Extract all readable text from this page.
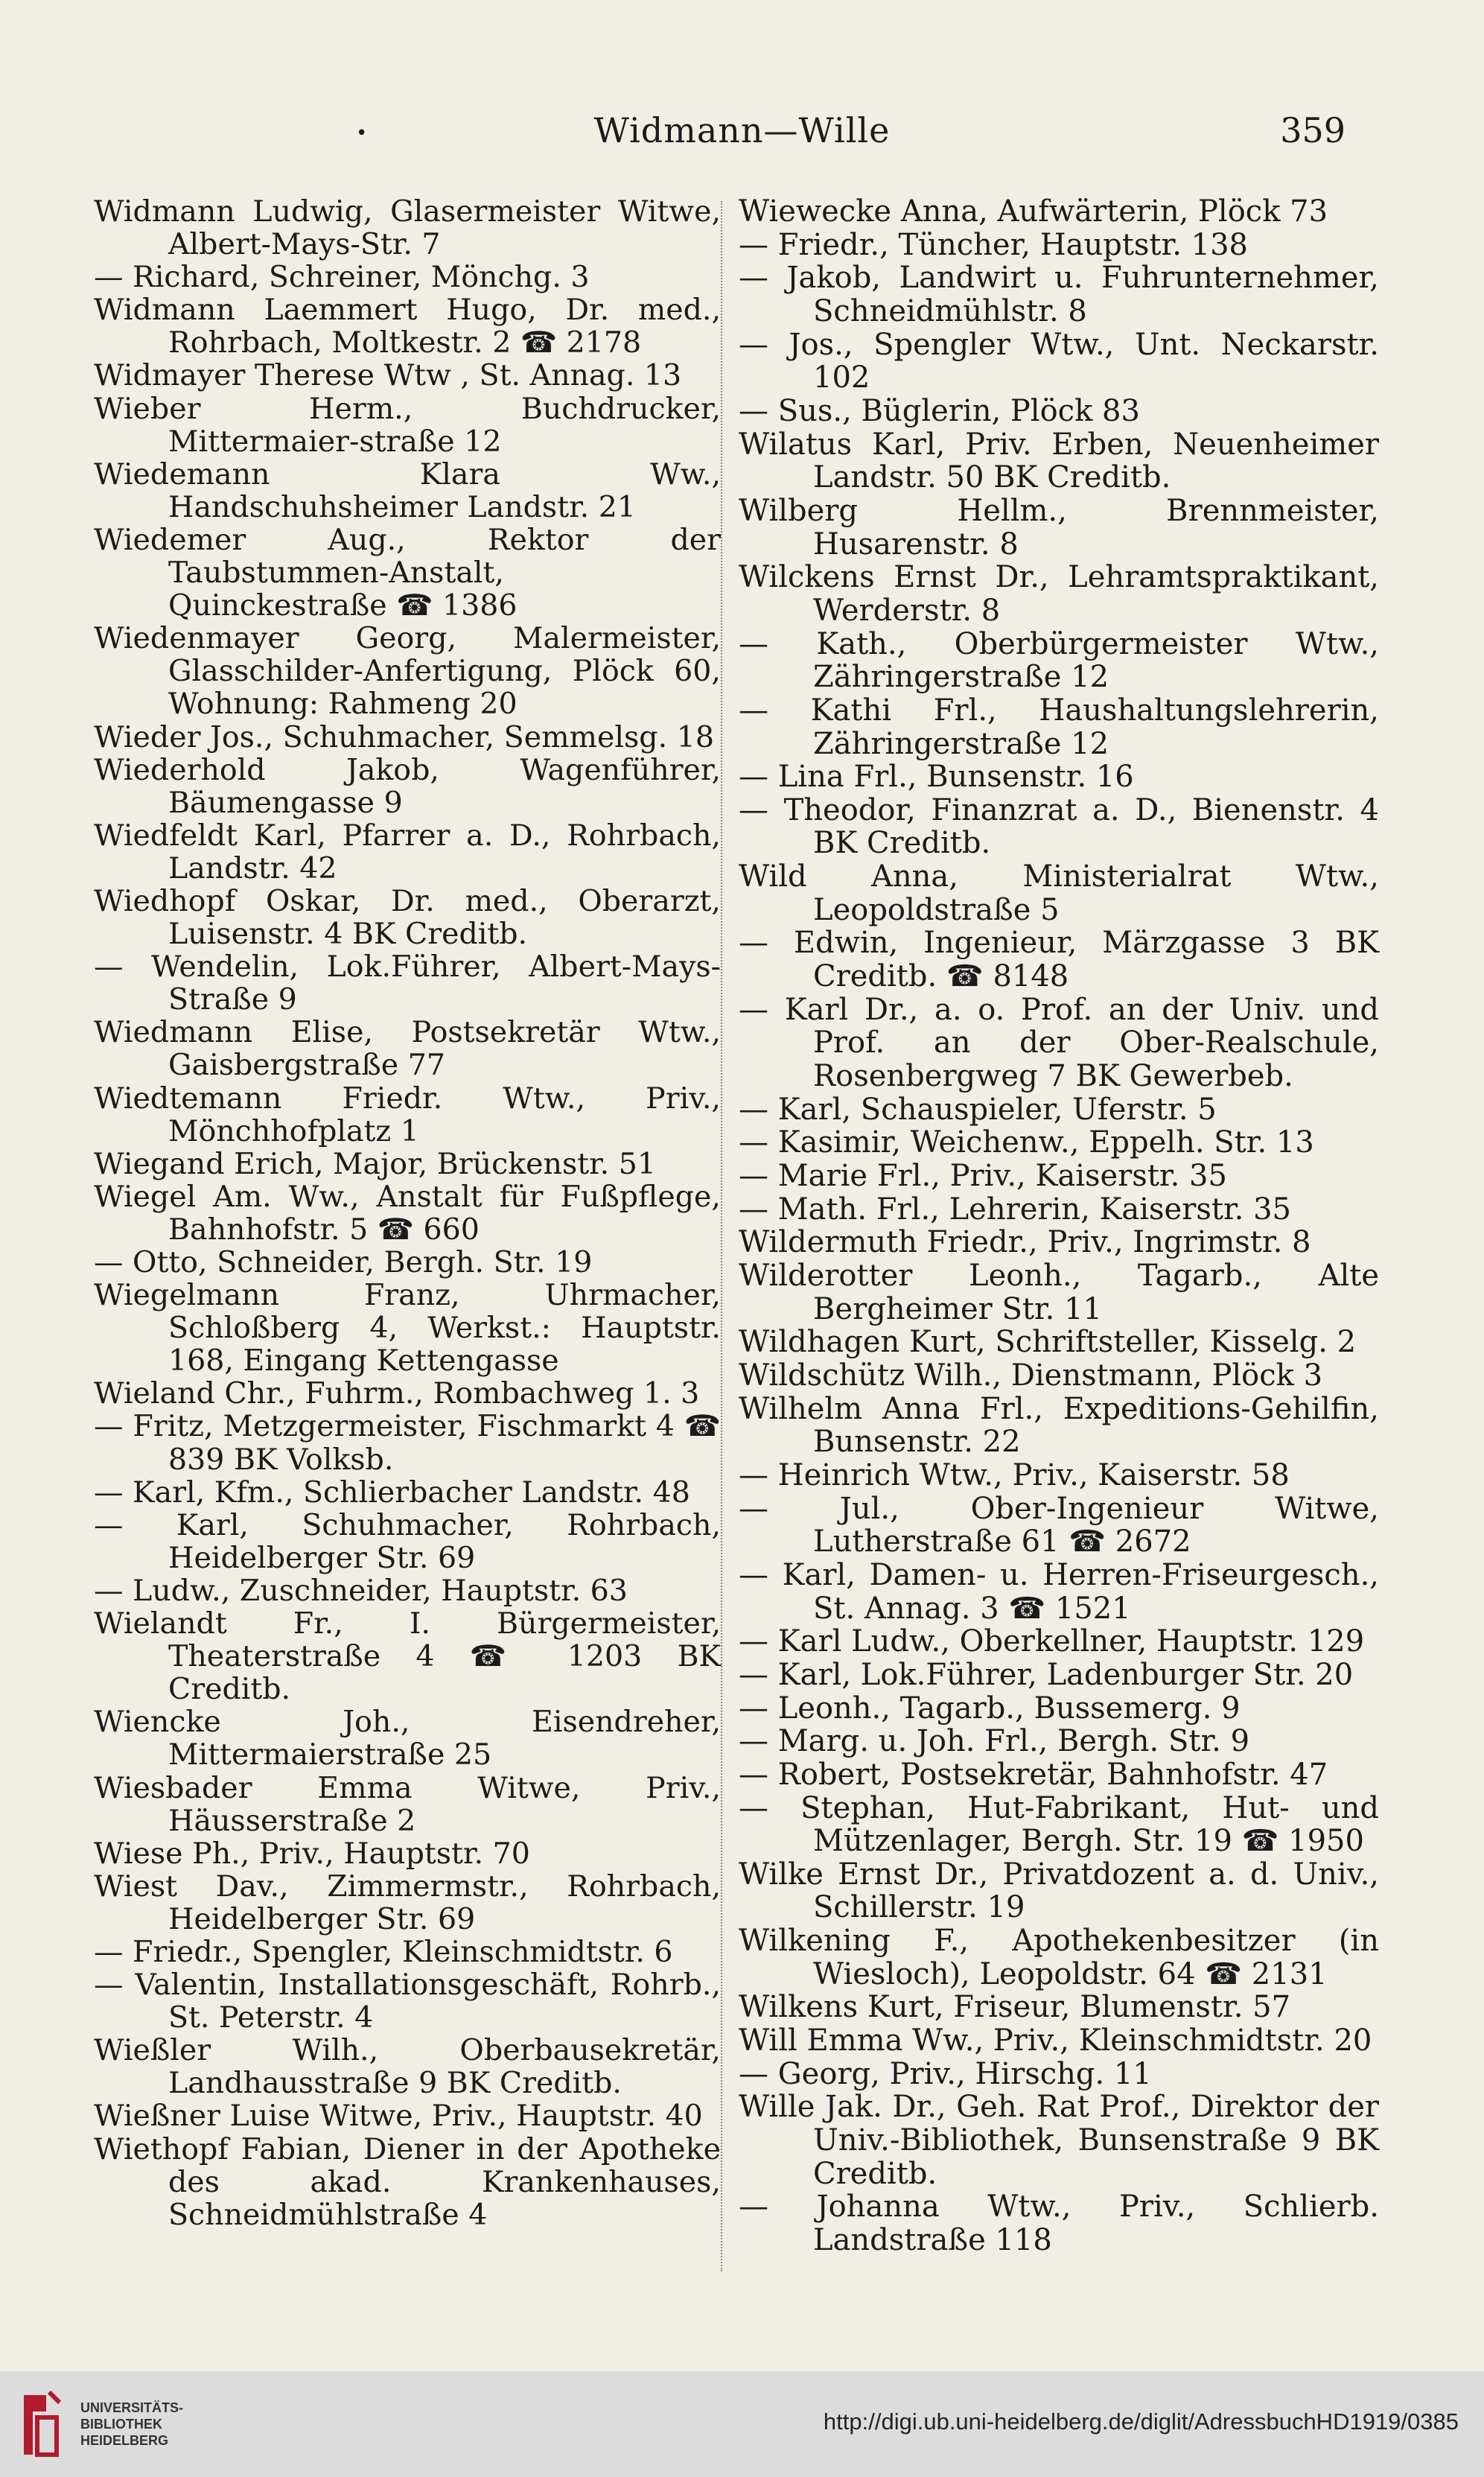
•	Widmann—Wille	359

Widmann Ludwig, Glasermeister Witwe, Albert-Mays-Str. 7

— Richard, Schreiner, Mönchg. 3

Widmann Laemmert Hugo, Dr. med., Rohrbach, Moltkestr. 2 ☎ 2178

Widmayer Therese Wtw , St. Annag. 13

Wieber Herm., Buchdrucker, Mittermaier-straße 12

Wiedemann Klara Ww., Handschuhsheimer Landstr. 21

Wiedemer Aug., Rektor der Taubstummen-Anstalt, Quinckestraße ☎ 1386

Wiedenmayer Georg, Malermeister, Glasschilder-Anfertigung, Plöck 60, Wohnung: Rahmeng 20

Wieder Jos., Schuhmacher, Semmelsg. 18

Wiederhold Jakob, Wagenführer, Bäumengasse 9

Wiedfeldt Karl, Pfarrer a. D., Rohrbach, Landstr. 42

Wiedhopf Oskar, Dr. med., Oberarzt, Luisenstr. 4 BK Creditb.

— Wendelin, Lok.Führer, Albert-Mays-Straße 9

Wiedmann Elise, Postsekretär Wtw., Gaisbergstraße 77

Wiedtemann Friedr. Wtw., Priv., Mönchhofplatz 1

Wiegand Erich, Major, Brückenstr. 51

Wiegel Am. Ww., Anstalt für Fußpflege, Bahnhofstr. 5 ☎ 660

— Otto, Schneider, Bergh. Str. 19

Wiegelmann Franz, Uhrmacher, Schloßberg 4, Werkst.: Hauptstr. 168, Eingang Kettengasse

Wieland Chr., Fuhrm., Rombachweg 1. 3

— Fritz, Metzgermeister, Fischmarkt 4 ☎ 839 BK Volksb.

— Karl, Kfm., Schlierbacher Landstr. 48

— Karl, Schuhmacher, Rohrbach, Heidelberger Str. 69

— Ludw., Zuschneider, Hauptstr. 63

Wielandt Fr., I. Bürgermeister, Theaterstraße 4 ☎ 1203 BK Creditb.

Wiencke Joh., Eisendreher, Mittermaierstraße 25

Wiesbader Emma Witwe, Priv., Häusserstraße 2

Wiese Ph., Priv., Hauptstr. 70

Wiest Dav., Zimmermstr., Rohrbach, Heidelberger Str. 69

— Friedr., Spengler, Kleinschmidtstr. 6

— Valentin, Installationsgeschäft, Rohrb., St. Peterstr. 4

Wießler Wilh., Oberbausekretär, Landhausstraße 9 BK Creditb.

Wießner Luise Witwe, Priv., Hauptstr. 40

Wiethopf Fabian, Diener in der Apotheke des akad. Krankenhauses, Schneidmühlstraße 4

Wiewecke Anna, Aufwärterin, Plöck 73

— Friedr., Tüncher, Hauptstr. 138

— Jakob, Landwirt u. Fuhrunternehmer, Schneidmühlstr. 8

— Jos., Spengler Wtw., Unt. Neckarstr. 102

— Sus., Büglerin, Plöck 83

Wilatus Karl, Priv. Erben, Neuenheimer Landstr. 50 BK Creditb.

Wilberg Hellm., Brennmeister, Husarenstr. 8

Wilckens Ernst Dr., Lehramtspraktikant, Werderstr. 8

— Kath., Oberbürgermeister Wtw., Zähringerstraße 12

— Kathi Frl., Haushaltungslehrerin, Zähringerstraße 12

— Lina Frl., Bunsenstr. 16

— Theodor, Finanzrat a. D., Bienenstr. 4 BK Creditb.

Wild Anna, Ministerialrat Wtw., Leopoldstraße 5

— Edwin, Ingenieur, Märzgasse 3 BK Creditb. ☎ 8148

— Karl Dr., a. o. Prof. an der Univ. und Prof. an der Ober-Realschule, Rosenbergweg 7 BK Gewerbeb.

— Karl, Schauspieler, Uferstr. 5

— Kasimir, Weichenw., Eppelh. Str. 13

— Marie Frl., Priv., Kaiserstr. 35

— Math. Frl., Lehrerin, Kaiserstr. 35

Wildermuth Friedr., Priv., Ingrimstr. 8

Wilderotter Leonh., Tagarb., Alte Bergheimer Str. 11

Wildhagen Kurt, Schriftsteller, Kisselg. 2

Wildschütz Wilh., Dienstmann, Plöck 3

Wilhelm Anna Frl., Expeditions-Gehilfin, Bunsenstr. 22

— Heinrich Wtw., Priv., Kaiserstr. 58

— Jul., Ober-Ingenieur Witwe, Lutherstraße 61 ☎ 2672

— Karl, Damen- u. Herren-Friseurgesch., St. Annag. 3 ☎ 1521

— Karl Ludw., Oberkellner, Hauptstr. 129

— Karl, Lok.Führer, Ladenburger Str. 20

— Leonh., Tagarb., Bussemerg. 9

— Marg. u. Joh. Frl., Bergh. Str. 9

— Robert, Postsekretär, Bahnhofstr. 47

— Stephan, Hut-Fabrikant, Hut- und Mützenlager, Bergh. Str. 19 ☎ 1950

Wilke Ernst Dr., Privatdozent a. d. Univ., Schillerstr. 19

Wilkening F., Apothekenbesitzer (in Wiesloch), Leopoldstr. 64 ☎ 2131

Wilkens Kurt, Friseur, Blumenstr. 57

Will Emma Ww., Priv., Kleinschmidtstr. 20

— Georg, Priv., Hirschg. 11

Wille Jak. Dr., Geh. Rat Prof., Direktor der Univ.-Bibliothek, Bunsenstraße 9 BK Creditb.

— Johanna Wtw., Priv., Schlierb. Landstraße 118

UNIVERSITÄTS-
BIBLIOTHEK
HEIDELBERG
http://digi.ub.uni-heidelberg.de/diglit/AdressbuchHD1919/0385
